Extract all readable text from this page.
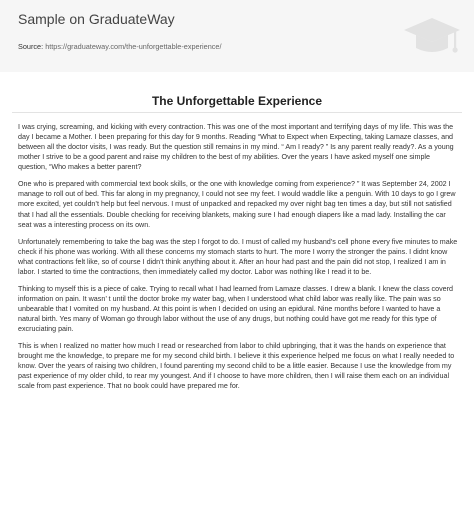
Sample on GraduateWay
Source: https://graduateway.com/the-unforgettable-experience/
The Unforgettable Experience

I was crying, screaming, and kicking with every contraction. This was one of the most important and terrifying days of my life. This was the day I became a Mother. I been preparing for this day for 9 months. Reading “What to Expect when Expecting, taking Lamaze classes, and between all the doctor visits, I was ready. But the question still remains in my mind. “ Am I ready? ” Is any parent really ready?. As a young mother I strive to be a good parent and raise my children to the best of my abilities. Over the years I have asked myself one simple question, “Who makes a better parent?

One who is prepared with commercial text book skills, or the one with knowledge coming from experience? ” It was September 24, 2002 I manage to roll out of bed. This far along in my pregnancy, I could not see my feet. I would waddle like a penguin. With 10 days to go I grew more excited, yet couldn’t help but feel nervous. I must of unpacked and repacked my over night bag ten times a day, but still not satisfied that I had all the essentials. Double checking for receiving blankets, making sure I had enough diapers like a mad lady. Installing the car seat was a interesting process on its own.

Unfortunately remembering to take the bag was the step I forgot to do. I must of called my husband’s cell phone every five minutes to make check if his phone was working. With all these concerns my stomach starts to hurt. The more I worry the stronger the pains. I didnt know what contractions felt like, so of course I didn’t think anything about it. After an hour had past and the pain did not stop, I realized I am in labor. I started to time the contractions, then immediately called my doctor. Labor was nothing like I read it to be.

Thinking to myself this is a piece of cake. Trying to recall what I had learned from Lamaze classes. I drew a blank. I knew the class coverd information on pain. It wasn’ t until the doctor broke my water bag, when I understood what child labor was really like. The pain was so unbearable that I vomited on my husband. At this point is when I decided on using an epidural. Nine months before I wanted to have a natural birth. Yes many of Woman go through labor without the use of any drugs, but nothing could have got me ready for this type of excruciating pain.

This is when I realized no matter how much I read or researched from labor to child upbringing, that it was the hands on experience that brought me the knowledge, to prepare me for my second child birth. I believe it this experience helped me focus on what I really needed to know. Over the years of raising two children, I found parenting my second child to be a little easier. Because I use the knowledge from my past experience of my older child, to rear my youngest. And if I choose to have more children, then I will raise them each on an individual scale from past experience. That no book could have prepared me for.
